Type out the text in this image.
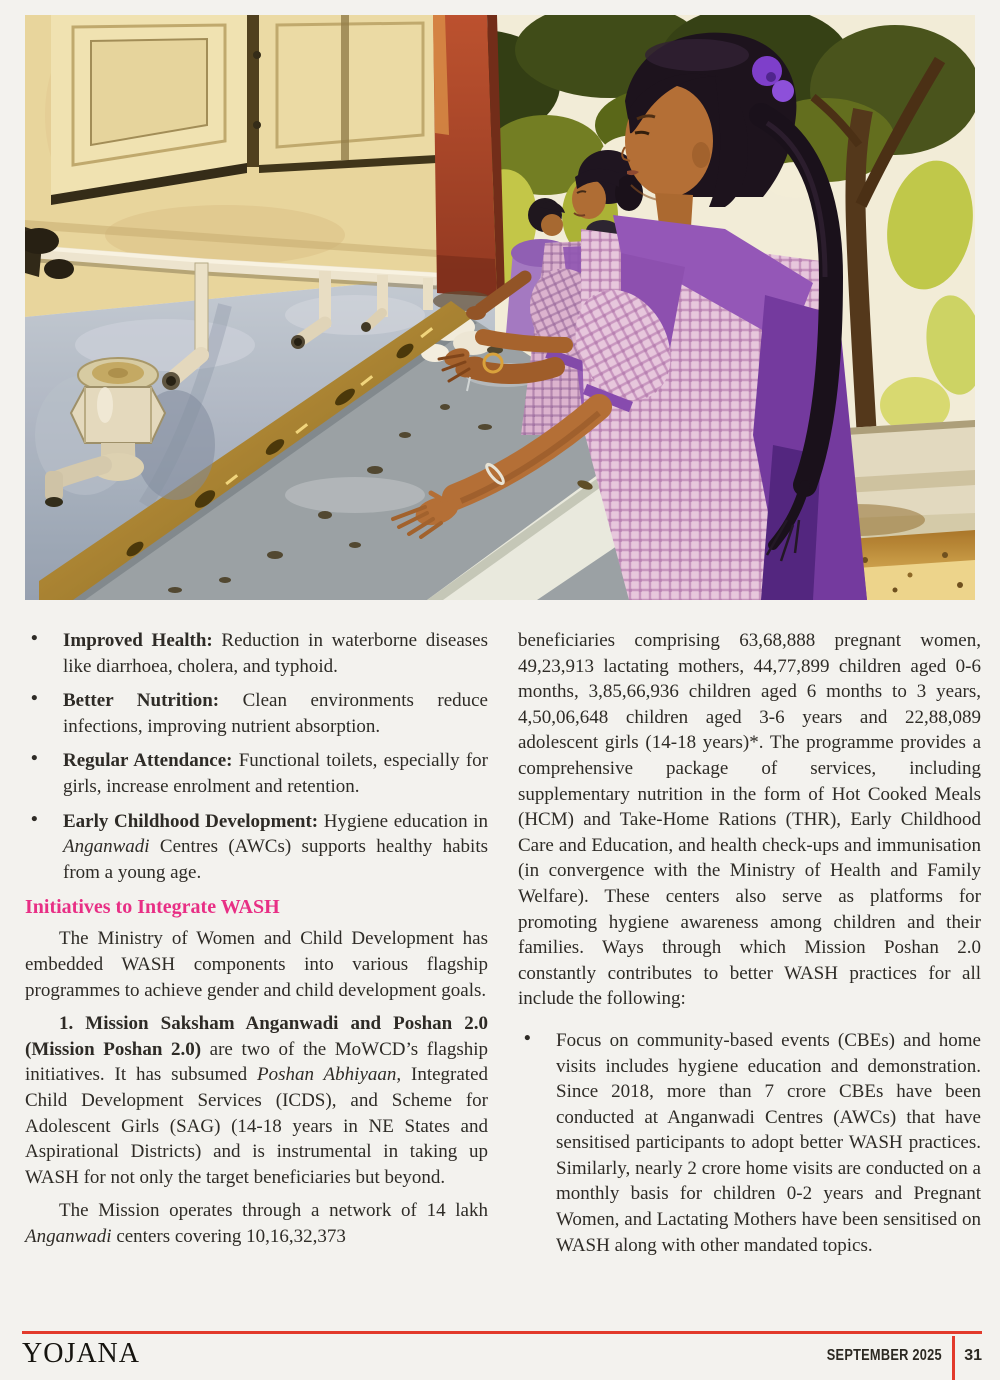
• Improved Health: Reduction in waterborne diseases like diarrhoea, cholera, and typhoid.
• Better Nutrition: Clean environments reduce infections, improving nutrient absorption.
• Regular Attendance: Functional toilets, especially for girls, increase enrolment and retention.
• Early Childhood Development: Hygiene education in Anganwadi Centres (AWCs) supports healthy habits from a young age.
Initiatives to Integrate WASH

The Ministry of Women and Child Development has embedded WASH components into various flagship programmes to achieve gender and child development goals.

1. Mission Saksham Anganwadi and Poshan 2.0 (Mission Poshan 2.0) are two of the MoWCD’s flagship initiatives. It has subsumed Poshan Abhiyaan, Integrated Child Development Services (ICDS), and Scheme for Adolescent Girls (SAG) (14-18 years in NE States and Aspirational Districts) and is instrumental in taking up WASH for not only the target beneficiaries but beyond.

The Mission operates through a network of 14 lakh Anganwadi centers covering 10,16,32,373

beneficiaries comprising 63,68,888 pregnant women, 49,23,913 lactating mothers, 44,77,899 children aged 0-6 months, 3,85,66,936 children aged 6 months to 3 years, 4,50,06,648 children aged 3-6 years and 22,88,089 adolescent girls (14-18 years)*. The programme provides a comprehensive package of services, including supplementary nutrition in the form of Hot Cooked Meals (HCM) and Take-Home Rations (THR), Early Childhood Care and Education, and health check-ups and immunisation (in convergence with the Ministry of Health and Family Welfare). These centers also serve as platforms for promoting hygiene awareness among children and their families. Ways through which Mission Poshan 2.0 constantly contributes to better WASH practices for all include the following:

• Focus on community-based events (CBEs) and home visits includes hygiene education and demonstration. Since 2018, more than 7 crore CBEs have been conducted at Anganwadi Centres (AWCs) that have sensitised participants to adopt better WASH practices. Similarly, nearly 2 crore home visits are conducted on a monthly basis for children 0-2 years and Pregnant Women, and Lactating Mothers have been sensitised on WASH along with other mandated topics.
YOJANA	SEPTEMBER 2025 31
